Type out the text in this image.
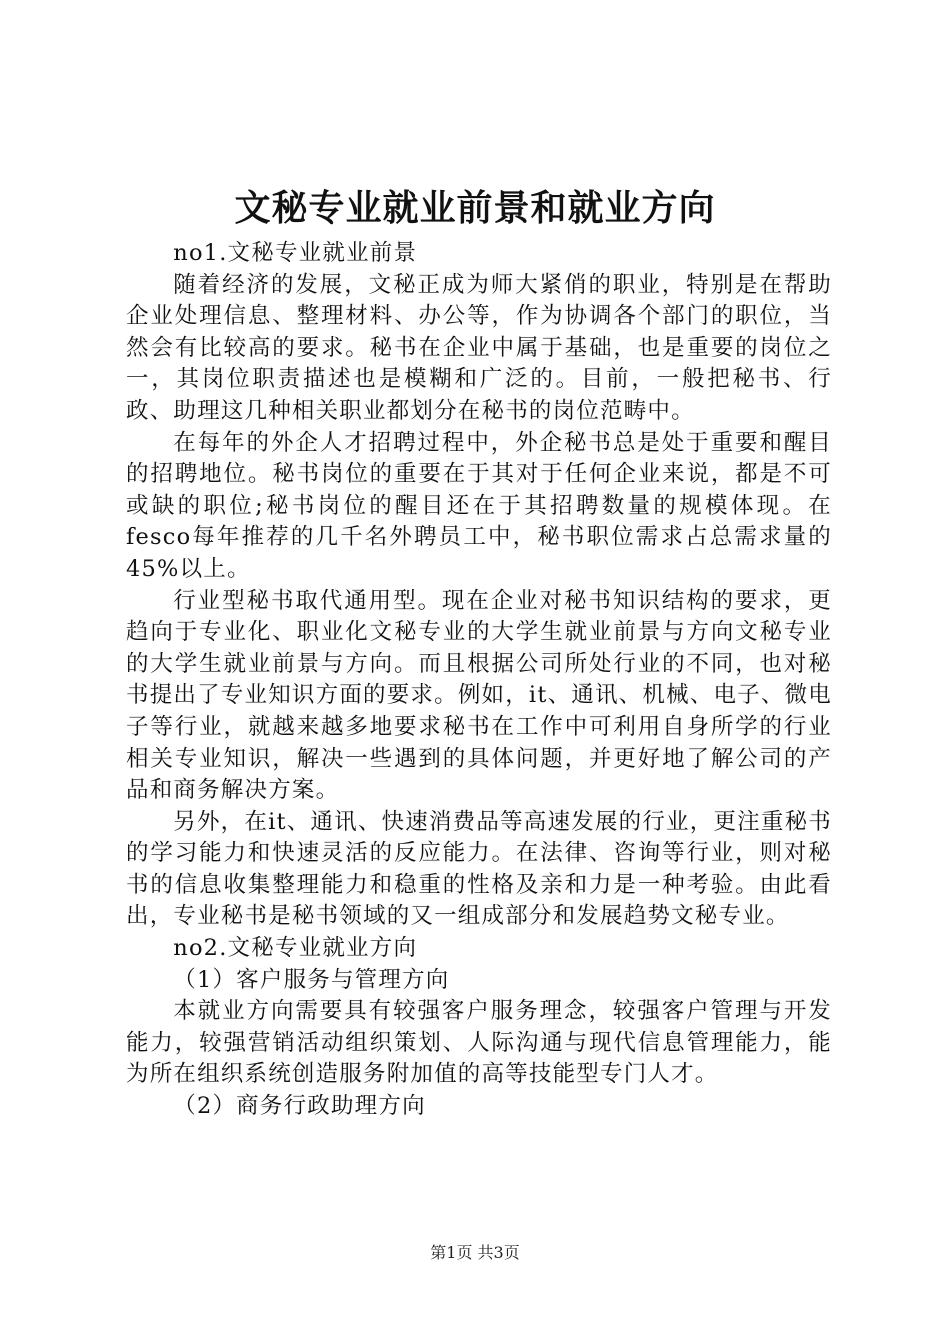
文秘专业就业前景和就业方向

no1.文秘专业就业前景

随着经济的发展，文秘正成为师大紧俏的职业，特别是在帮助企业处理信息、整理材料、办公等，作为协调各个部门的职位，当然会有比较高的要求。秘书在企业中属于基础，也是重要的岗位之一，其岗位职责描述也是模糊和广泛的。目前，一般把秘书、行政、助理这几种相关职业都划分在秘书的岗位范畴中。

在每年的外企人才招聘过程中，外企秘书总是处于重要和醒目的招聘地位。秘书岗位的重要在于其对于任何企业来说，都是不可或缺的职位;秘书岗位的醒目还在于其招聘数量的规模体现。在fesco每年推荐的几千名外聘员工中，秘书职位需求占总需求量的45%以上。

行业型秘书取代通用型。现在企业对秘书知识结构的要求，更趋向于专业化、职业化文秘专业的大学生就业前景与方向文秘专业的大学生就业前景与方向。而且根据公司所处行业的不同，也对秘书提出了专业知识方面的要求。例如，it、通讯、机械、电子、微电子等行业，就越来越多地要求秘书在工作中可利用自身所学的行业相关专业知识，解决一些遇到的具体问题，并更好地了解公司的产品和商务解决方案。

另外，在it、通讯、快速消费品等高速发展的行业，更注重秘书的学习能力和快速灵活的反应能力。在法律、咨询等行业，则对秘书的信息收集整理能力和稳重的性格及亲和力是一种考验。由此看出，专业秘书是秘书领域的又一组成部分和发展趋势文秘专业。

no2.文秘专业就业方向

（1）客户服务与管理方向

本就业方向需要具有较强客户服务理念，较强客户管理与开发能力，较强营销活动组织策划、人际沟通与现代信息管理能力，能为所在组织系统创造服务附加值的高等技能型专门人才。

（2）商务行政助理方向

第1页 共3页
